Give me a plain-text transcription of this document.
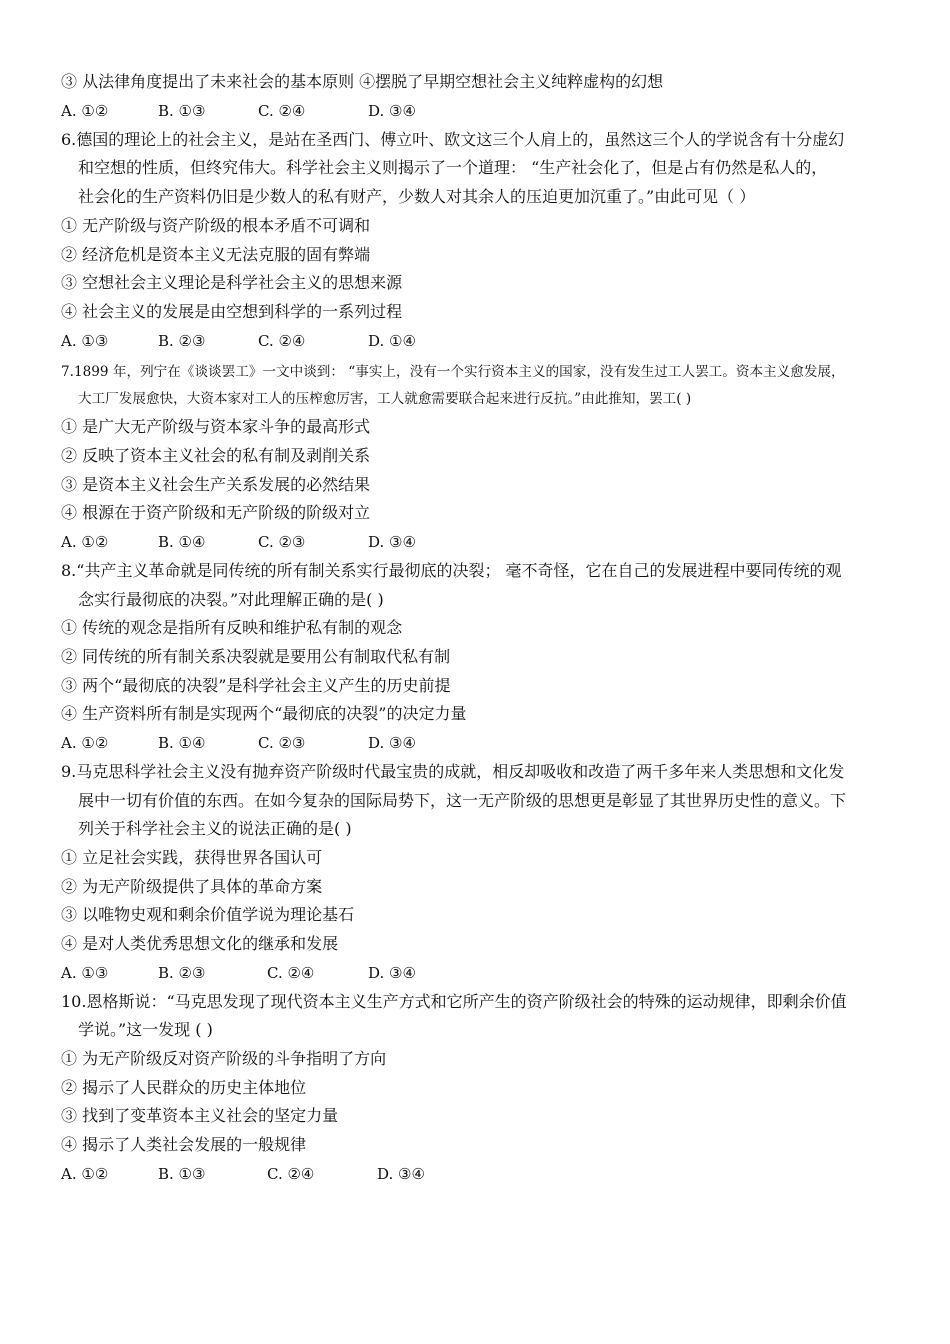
③ 从法律角度提出了未来社会的基本原则 ④摆脱了早期空想社会主义纯粹虚构的幻想
A. ①②	B. ①③	C. ②④	D. ③④
6.德国的理论上的社会主义，是站在圣西门、傅立叶、欧文这三个人肩上的，虽然这三个人的学说含有十分虚幻
和空想的性质，但终究伟大。科学社会主义则揭示了一个道理： “生产社会化了，但是占有仍然是私人的，
社会化的生产资料仍旧是少数人的私有财产，少数人对其余人的压迫更加沉重了。”由此可见（ ）
① 无产阶级与资产阶级的根本矛盾不可调和
② 经济危机是资本主义无法克服的固有弊端
③ 空想社会主义理论是科学社会主义的思想来源
④ 社会主义的发展是由空想到科学的一系列过程
A. ①③	B. ②③	C. ②④	D. ①④
7.1899 年，列宁在《谈谈罢工》一文中谈到： “事实上，没有一个实行资本主义的国家，没有发生过工人罢工。资本主义愈发展，
大工厂发展愈快，大资本家对工人的压榨愈厉害，工人就愈需要联合起来进行反抗。”由此推知，罢工( )
① 是广大无产阶级与资本家斗争的最高形式
② 反映了资本主义社会的私有制及剥削关系
③ 是资本主义社会生产关系发展的必然结果
④ 根源在于资产阶级和无产阶级的阶级对立
A. ①②	B. ①④	C. ②③	D. ③④
8.“共产主义革命就是同传统的所有制关系实行最彻底的决裂； 毫不奇怪，它在自己的发展进程中要同传统的观
念实行最彻底的决裂。”对此理解正确的是( )
① 传统的观念是指所有反映和维护私有制的观念
② 同传统的所有制关系决裂就是要用公有制取代私有制
③ 两个“最彻底的决裂”是科学社会主义产生的历史前提
④ 生产资料所有制是实现两个“最彻底的决裂”的决定力量
A. ①②	B. ①④	C. ②③	D. ③④
9.马克思科学社会主义没有抛弃资产阶级时代最宝贵的成就，相反却吸收和改造了两千多年来人类思想和文化发
展中一切有价值的东西。在如今复杂的国际局势下，这一无产阶级的思想更是彰显了其世界历史性的意义。下
列关于科学社会主义的说法正确的是( )
① 立足社会实践，获得世界各国认可
② 为无产阶级提供了具体的革命方案
③ 以唯物史观和剩余价值学说为理论基石
④ 是对人类优秀思想文化的继承和发展
A. ①③	B. ②③	C. ②④	D. ③④
10.恩格斯说：“马克思发现了现代资本主义生产方式和它所产生的资产阶级社会的特殊的运动规律，即剩余价值
学说。”这一发现 ( )
① 为无产阶级反对资产阶级的斗争指明了方向
② 揭示了人民群众的历史主体地位
③ 找到了变革资本主义社会的坚定力量
④ 揭示了人类社会发展的一般规律
A. ①②	B. ①③	C. ②④	D. ③④
